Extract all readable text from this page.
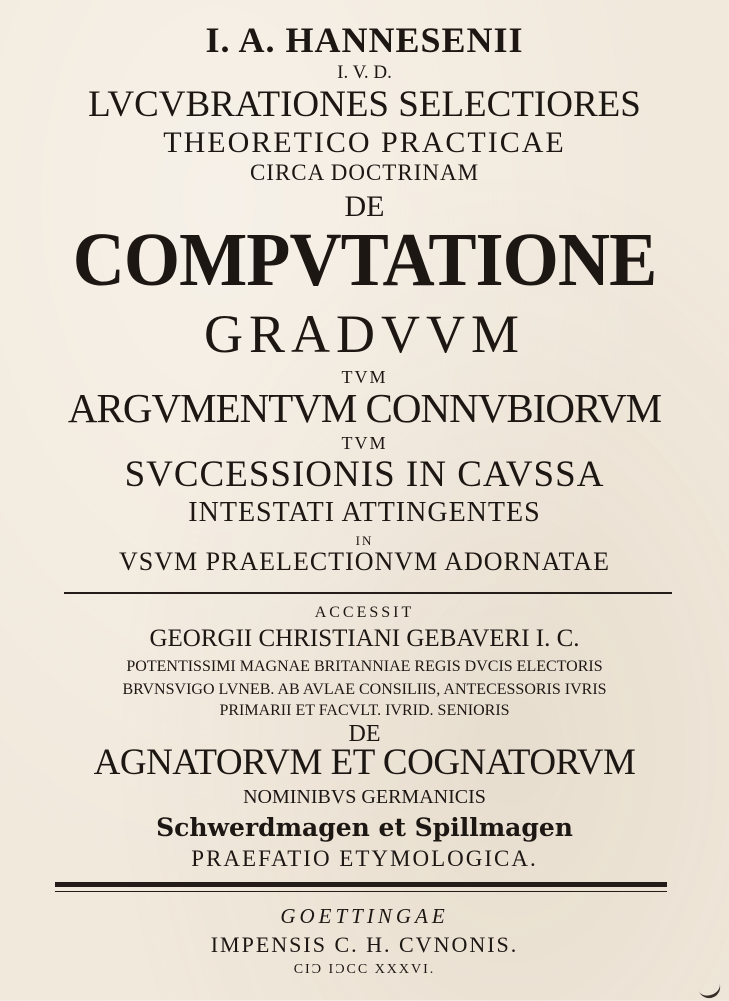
I. A. HANNESENII
I. V. D.
LVCVBRATIONES SELECTIORES
THEORETICO PRACTICAE
CIRCA DOCTRINAM
DE
COMPVTATIONE
GRADVVM
TVM
ARGVMENTVM CONNVBIORVM
TVM
SVCCESSIONIS IN CAVSSA
INTESTATI ATTINGENTES
IN
VSVM PRAELECTIONVM ADORNATAE
ACCESSIT
GEORGII CHRISTIANI GEBAVERI I. C.
POTENTISSIMI MAGNAE BRITANNIAE REGIS DVCIS ELECTORIS
BRVNSVIGO LVNEB. AB AVLAE CONSILIIS, ANTECESSORIS IVRIS
PRIMARII ET FACVLT. IVRID. SENIORIS
DE
AGNATORVM ET COGNATORVM
NOMINIBVS GERMANICIS
Schwerdmagen et Spillmagen
PRAEFATIO ETYMOLOGICA.
GOETTINGAE
IMPENSIS C. H. CVNONIS.
CIϽ IϽCC XXXVI.
